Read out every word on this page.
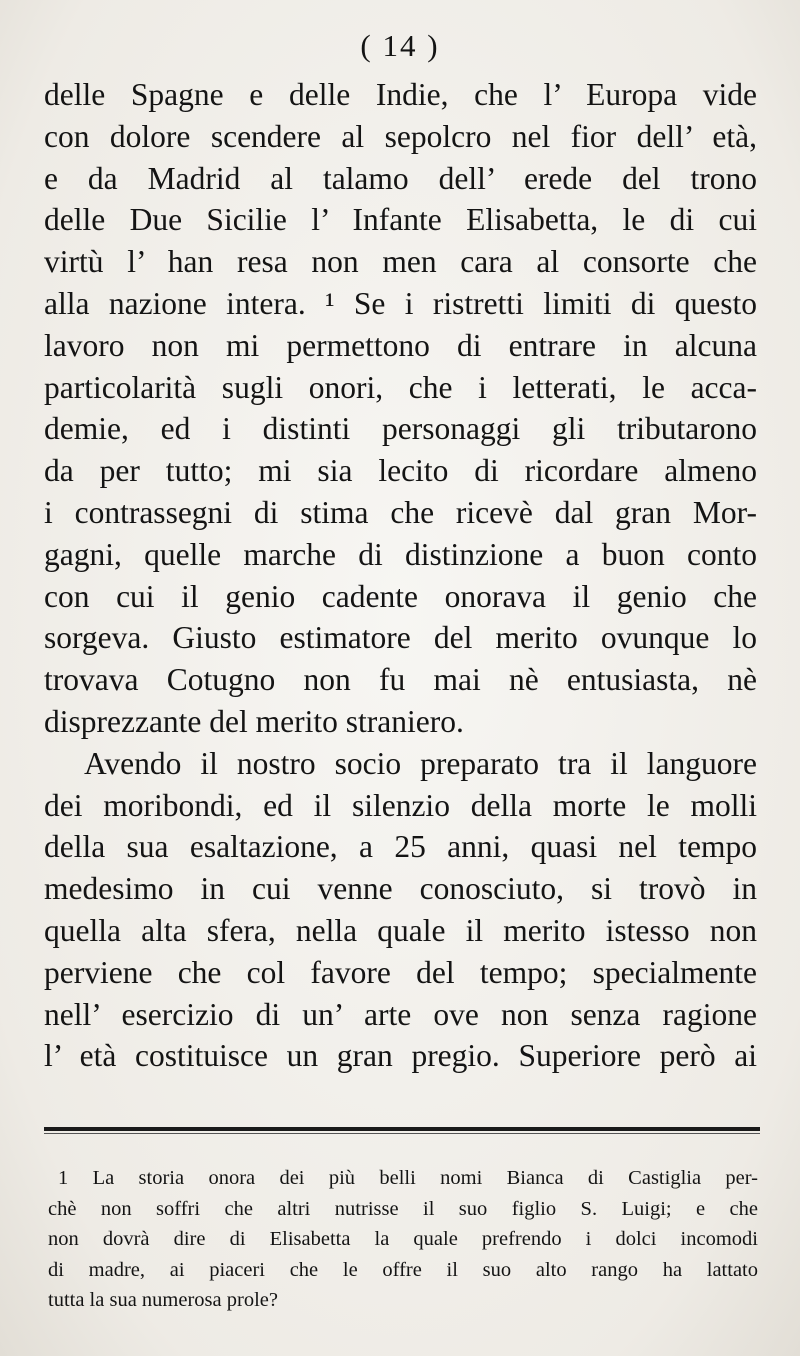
( 14 )
delle Spagne e delle Indie, che l’ Europa vide
con dolore scendere al sepolcro nel fior dell’ età,
e da Madrid al talamo dell’ erede del trono
delle Due Sicilie l’ Infante Elisabetta, le di cui
virtù l’ han resa non men cara al consorte che
alla nazione intera. ¹ Se i ristretti limiti di questo
lavoro non mi permettono di entrare in alcuna
particolarità sugli onori, che i letterati, le acca-
demie, ed i distinti personaggi gli tributarono
da per tutto; mi sia lecito di ricordare almeno
i contrassegni di stima che ricevè dal gran Mor-
gagni, quelle marche di distinzione a buon conto
con cui il genio cadente onorava il genio che
sorgeva. Giusto estimatore del merito ovunque lo
trovava Cotugno non fu mai nè entusiasta, nè
disprezzante del merito straniero.
Avendo il nostro socio preparato tra il languore
dei moribondi, ed il silenzio della morte le molli
della sua esaltazione, a 25 anni, quasi nel tempo
medesimo in cui venne conosciuto, si trovò in
quella alta sfera, nella quale il merito istesso non
perviene che col favore del tempo; specialmente
nell’ esercizio di un’ arte ove non senza ragione
l’ età costituisce un gran pregio. Superiore però ai
1 La storia onora dei più belli nomi Bianca di Castiglia per-
chè non soffri che altri nutrisse il suo figlio S. Luigi; e che
non dovrà dire di Elisabetta la quale prefrendo i dolci incomodi
di madre, ai piaceri che le offre il suo alto rango ha lattato
tutta la sua numerosa prole?
